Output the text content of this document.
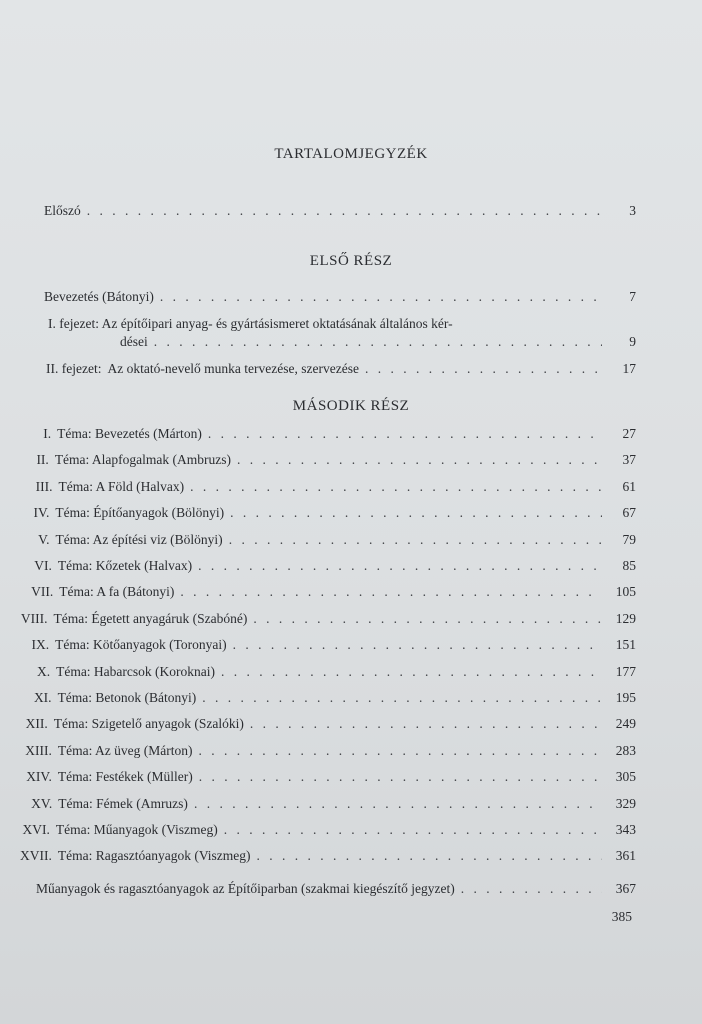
TARTALOMJEGYZÉK
Előszó . . .	3
ELSŐ RÉSZ
Bevezetés (Bátonyi) . . .	7
I. fejezet: Az építőipari anyag- és gyártásismeret oktatásának általános kér-
dései . . .	9
II. fejezet: Az oktató-nevelő munka tervezése, szervezése . . .	17
MÁSODIK RÉSZ
I. Téma: Bevezetés (Márton) . . .	27
II. Téma: Alapfogalmak (Ambruzs) . . .	37
III. Téma: A Föld (Halvax) . . .	61
IV. Téma: Építőanyagok (Bölönyi) . . .	67
V. Téma: Az építési viz (Bölönyi) . . .	79
VI. Téma: Kőzetek (Halvax) . . .	85
VII. Téma: A fa (Bátonyi) . . .	105
VIII. Téma: Égetett anyagáruk (Szabóné) . . .	129
IX. Téma: Kötőanyagok (Toronyai) . . .	151
X. Téma: Habarcsok (Koroknai) . . .	177
XI. Téma: Betonok (Bátonyi) . . .	195
XII. Téma: Szigetelő anyagok (Szalóki) . . .	249
XIII. Téma: Az üveg (Márton) . . .	283
XIV. Téma: Festékek (Müller) . . .	305
XV. Téma: Fémek (Amruzs) . . .	329
XVI. Téma: Műanyagok (Viszmeg) . . .	343
XVII. Téma: Ragasztóanyagok (Viszmeg) . . .	361
Műanyagok és ragasztóanyagok az Építőiparban (szakmai kiegészítő jegyzet) . . .	367
385
